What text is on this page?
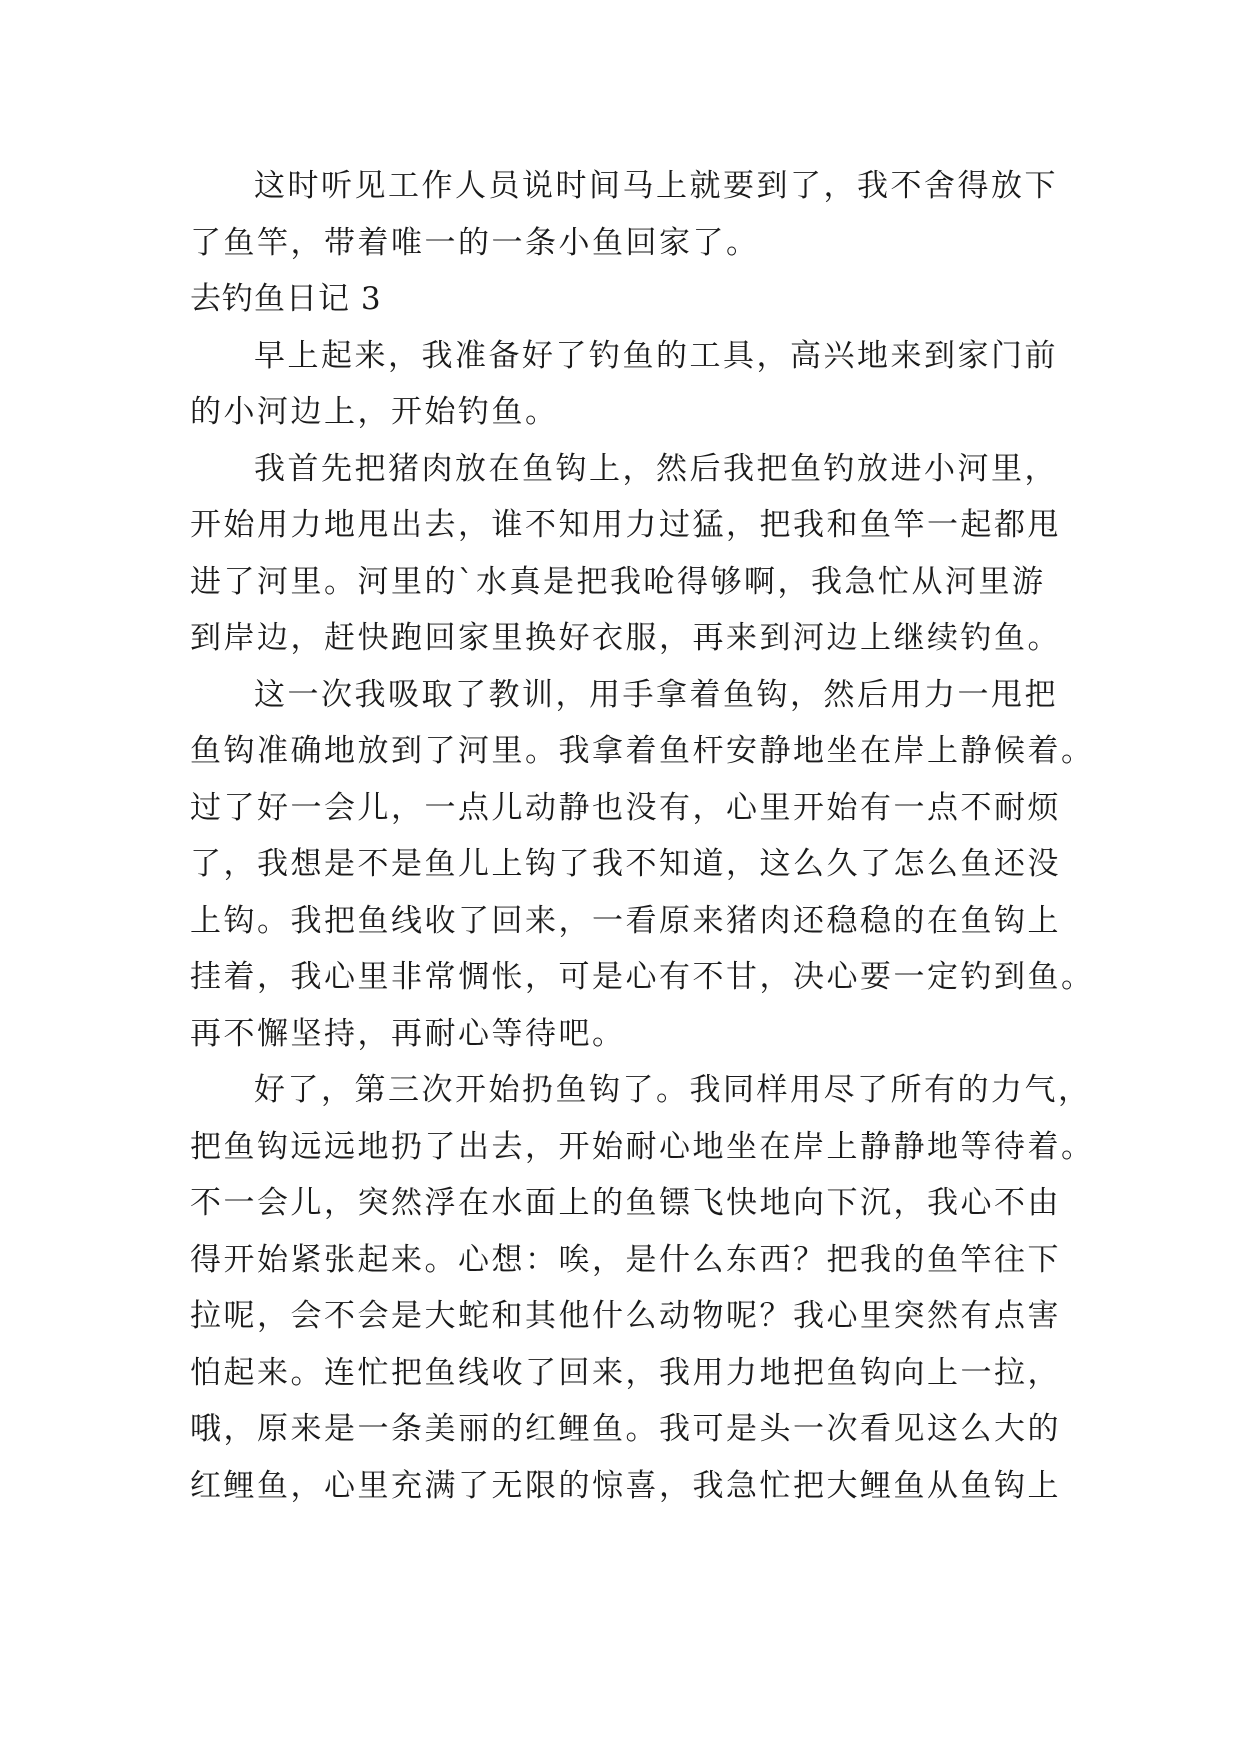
这时听见工作人员说时间马上就要到了，我不舍得放下
了鱼竿，带着唯一的一条小鱼回家了。
去钓鱼日记 3
早上起来，我准备好了钓鱼的工具，高兴地来到家门前
的小河边上，开始钓鱼。
我首先把猪肉放在鱼钩上，然后我把鱼钓放进小河里，
开始用力地甩出去，谁不知用力过猛，把我和鱼竿一起都甩
进了河里。河里的`水真是把我呛得够啊，我急忙从河里游
到岸边，赶快跑回家里换好衣服，再来到河边上继续钓鱼。
这一次我吸取了教训，用手拿着鱼钩，然后用力一甩把
鱼钩准确地放到了河里。我拿着鱼杆安静地坐在岸上静候着。
过了好一会儿，一点儿动静也没有，心里开始有一点不耐烦
了，我想是不是鱼儿上钩了我不知道，这么久了怎么鱼还没
上钩。我把鱼线收了回来，一看原来猪肉还稳稳的在鱼钩上
挂着，我心里非常惆怅，可是心有不甘，决心要一定钓到鱼。
再不懈坚持，再耐心等待吧。
好了，第三次开始扔鱼钩了。我同样用尽了所有的力气，
把鱼钩远远地扔了出去，开始耐心地坐在岸上静静地等待着。
不一会儿，突然浮在水面上的鱼镖飞快地向下沉，我心不由
得开始紧张起来。心想：唉，是什么东西？把我的鱼竿往下
拉呢，会不会是大蛇和其他什么动物呢？我心里突然有点害
怕起来。连忙把鱼线收了回来，我用力地把鱼钩向上一拉，
哦，原来是一条美丽的红鲤鱼。我可是头一次看见这么大的
红鲤鱼，心里充满了无限的惊喜，我急忙把大鲤鱼从鱼钩上
